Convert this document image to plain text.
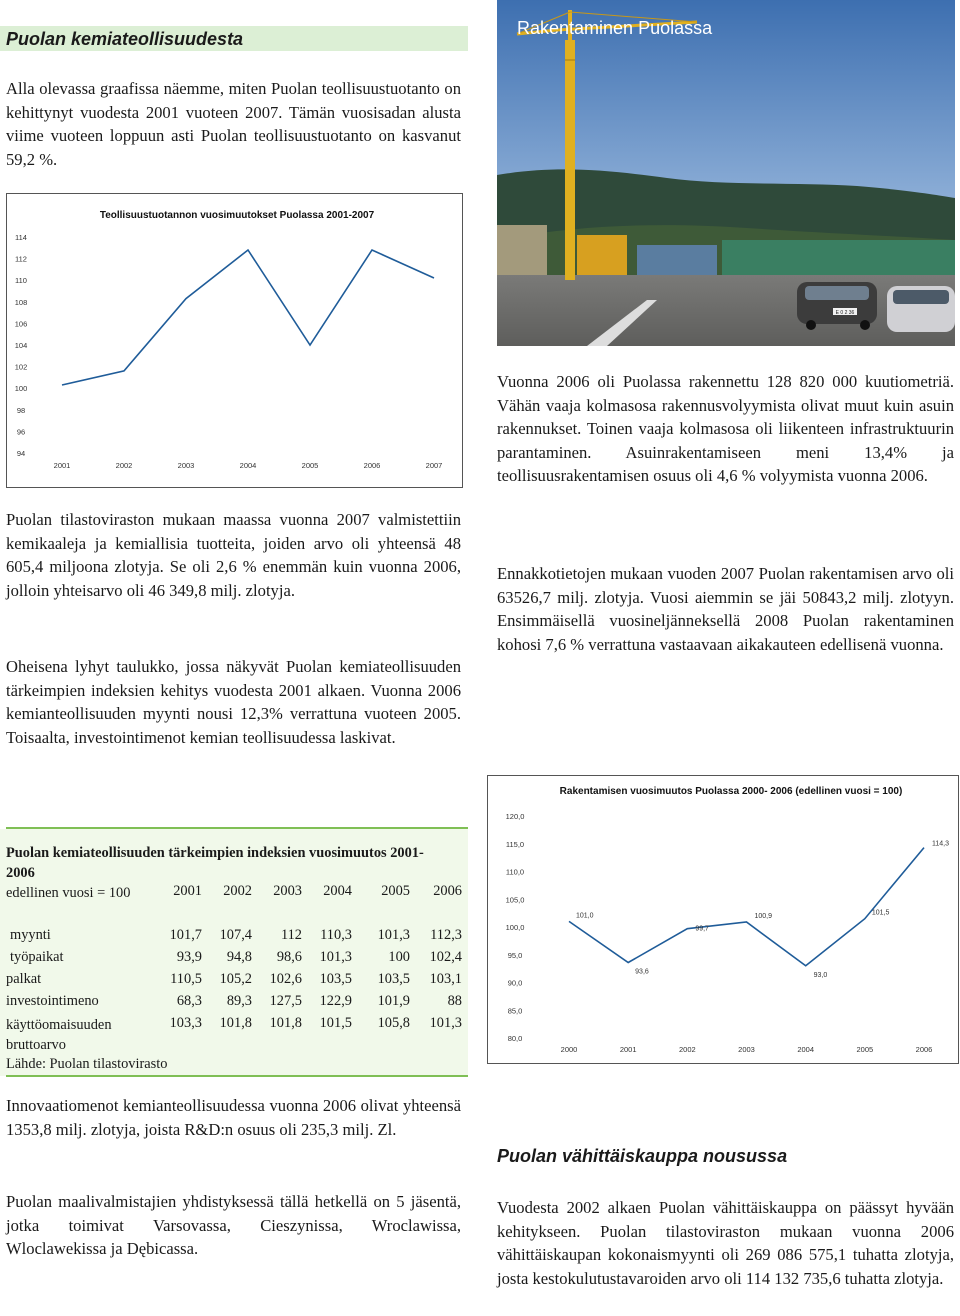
Puolan kemiateollisuudesta

Alla olevassa graafissa näemme, miten Puolan teollisuustuotanto on kehittynyt vuodesta 2001 vuoteen 2007. Tämän vuosisadan alusta viime vuoteen loppuun asti Puolan teollisuustuotanto on kasvanut 59,2 %.

Teollisuustuotannon vuosimuutokset Puolassa 2001-2007
114
112
110
108
106
104
102
100
98
96
94
2001	2002	2003	2004	2005	2006	2007

Puolan tilastoviraston mukaan maassa vuonna 2007 valmistettiin kemikaaleja ja kemiallisia tuotteita, joiden arvo oli yhteensä 48 605,4 miljoona zlotyja. Se oli 2,6 % enemmän kuin vuonna 2006, jolloin yhteisarvo oli 46 349,8 milj. zlotyja.

Oheisena lyhyt taulukko, jossa näkyvät Puolan kemiateollisuuden tärkeimpien indeksien kehitys vuodesta 2001 alkaen. Vuonna 2006 kemianteollisuuden myynti nousi 12,3% verrattuna vuoteen 2005. Toisaalta, investointimenot kemian teollisuudessa laskivat.

Puolan kemiateollisuuden tärkeimpien indeksien vuosimuutos 2001-2006
edellinen vuosi = 100	2001	2002	2003	2004	2005	2006
myynti	101,7	107,4	112	110,3	101,3	112,3
työpaikat	93,9	94,8	98,6	101,3	100	102,4
palkat	110,5	105,2	102,6	103,5	103,5	103,1
investointimeno	68,3	89,3	127,5	122,9	101,9	88
käyttöomaisuuden bruttoarvo	103,3	101,8	101,8	101,5	105,8	101,3
Lähde: Puolan tilastovirasto

Innovaatiomenot kemianteollisuudessa vuonna 2006 olivat yhteensä 1353,8 milj. zlotyja, joista R&D:n osuus oli 235,3 milj. Zl.

Puolan maalivalmistajien yhdistyksessä tällä hetkellä on 5 jäsentä, jotka toimivat Varsovassa, Cieszynissa, Wroclawissa, Wloclawekissa ja Dębicassa.

E 0 2 36
Rakentaminen Puolassa

Vuonna 2006 oli Puolassa rakennettu 128 820 000 kuutiometriä. Vähän vaaja kolmasosa rakennusvolyymista olivat muut kuin asuin rakennukset. Toinen vaaja kolmasosa oli liikenteen infrastruktuurin parantaminen. Asuinrakentamiseen meni 13,4% ja teollisuusrakentamisen osuus oli 4,6 % volyymista vuonna 2006.

Ennakkotietojen mukaan vuoden 2007 Puolan rakentamisen arvo oli 63526,7 milj. zlotyja. Vuosi aiemmin se jäi 50843,2 milj. zlotyyn. Ensimmäisellä vuosineljänneksellä 2008 Puolan rakentaminen kohosi 7,6 % verrattuna vastaavaan aikakauteen edellisenä vuonna.

Rakentamisen vuosimuutos Puolassa 2000- 2006 (edellinen vuosi = 100)
120,0
115,0
110,0
105,0
100,0
95,0
90,0
85,0
80,0
2000	2001	2002	2003	2004	2005	2006
101,0
93,6
99,7
100,9
93,0
101,5
114,3
Puolan vähittäiskauppa nousussa

Vuodesta 2002 alkaen Puolan vähittäiskauppa on päässyt hyvään kehitykseen. Puolan tilastoviraston mukaan vuonna 2006 vähittäiskaupan kokonaismyynti oli 269 086 575,1 tuhatta zlotyja, josta kestokulutustavaroiden arvo oli 114 132 735,6 tuhatta zlotyja.
